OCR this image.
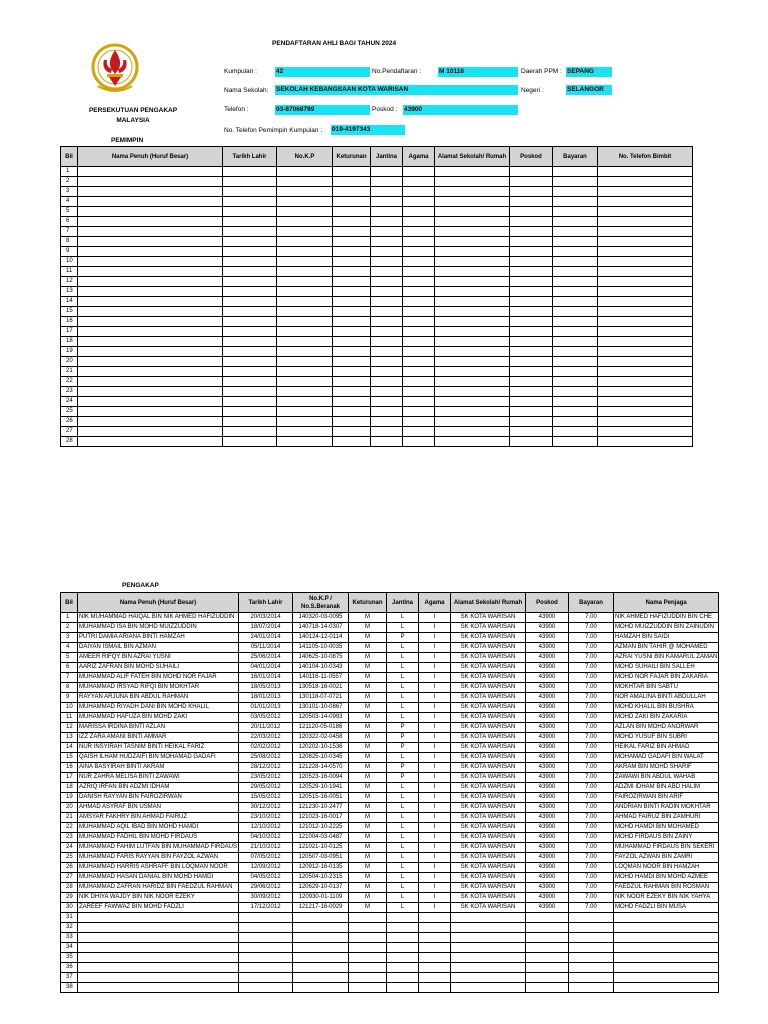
PENDAFTARAN AHLI BAGI TAHUN 2024
PERSEKUTUAN PENGAKAP
MALAYSIA
Kumpulan :	42	No.Pendaftaran :	M 10116	Daerah PPM : SEPANG
Nama Sekolah: SEKOLAH KEBANGSAAN KOTA WARISAN	Negeri :	SELANGOR
Telefon :	03-87068799	Poskod : 43900
No. Telefon Pemimpin Kumpulan : 019-4197343
PEMIMPIN
Bil	Nama Penuh (Huruf Besar)	Tarikh Lahir	No.K.P	Keturunan	Jantina	Agama	Alamat Sekolah/ Rumah	Poskod	Bayaran	No. Telefon Bimbit
1										
2										
3										
4										
5										
6										
7										
8										
9										
10										
11										
12										
13										
14										
15										
16										
17										
18										
19										
20										
21										
22										
23										
24										
25										
26										
27										
28										
PENGAKAP
Bil	Nama Penuh (Huruf Besar)	Tarikh Lahir	No.K.P /
No.S.Beranak	Keturunan	Jantina	Agama	Alamat Sekolah/ Rumah	Poskod	Bayaran	Nama Penjaga
1	NIK MUHAMMAD HAIQAL BIN NIK AHMED HAFIZUDDIN	20/03/2014	140320-03-0095	M	L	I	SK KOTA WARISAN	43900	7.00	NIK AHMED HAFIZUDDIN BIN CHE
2	MUHAMMAD ISA BIN MOHD MUIZZUDDIN	18/07/2014	140718-14-0307	M	L	I	SK KOTA WARISAN	43900	7.00	MOHD MUIZZUDDIN BIN ZAINUDIN
3	PUTRI DAMIA ARIANA BINTI HAMZAH	24/01/2014	140124-12-0114	M	P	I	SK KOTA WARISAN	43900	7.00	HAMZAH BIN SAIDI
4	DAIYAN ISMAIL BIN AZMAN	05/11/2014	141105-10-0035	M	L	I	SK KOTA WARISAN	43900	7.00	AZMAN BIN TAHIR @ MOHAMED
5	AMEER RIFQY BIN AZRAI YUSNI	25/06/2014	140625-10-0875	M	L	I	SK KOTA WARISAN	43900	7.00	AZRAI YUSNI BIN KAMARUL ZAMAN
6	AARIZ ZAFRAN BIN MOHD SUHAILI	04/01/2014	140104-10-0343	M	L	I	SK KOTA WARISAN	43900	7.00	MOHD SUHAILI BIN SALLEH
7	MUHAMMAD ALIF FATEH BIN MOHD NOR FAJAR	16/01/2014	140116-11-0557	M	L	I	SK KOTA WARISAN	43900	7.00	MOHD NOR FAJAR BIN ZAKARIA
8	MUHAMMAD IRSYAD RIFQI BIN MOKHTAR	18/05/2013	130518-16-0021	M	L	I	SK KOTA WARISAN	43900	7.00	MOKHTAR BIN SABTU
9	RAYYAN ARJUNA BIN ABDUL RAHMAN	18/01/2013	130118-07-0721	M	L	I	SK KOTA WARISAN	43900	7.00	NOR AMALINA BINTI ABDULLAH
10	MUHAMMAD RIYADH DANI BIN MOHD KHALIL	01/01/2013	130101-10-0867	M	L	I	SK KOTA WARISAN	43900	7.00	MOHD KHALIL BIN BUSHRA
11	MUHAMMAD HAFUZA BIN MOHD ZAKI	03/05/2012	120503-14-0993	M	L	I	SK KOTA WARISAN	43900	7.00	MOHD ZAKI BIN ZAKARIA
12	MARISSA IRDINA BINTI AZLAN	20/11/2012	121120-05-0186	M	P	I	SK KOTA WARISAN	43900	7.00	AZLAN BIN MOHD ANORWAR
13	IZZ ZARA AMANI BINTI AMMAR	22/03/2012	120322-02-0458	M	P	I	SK KOTA WARISAN	43900	7.00	MOHD YUSUF BIN SUBRI
14	NUR INSYIRAH TASNIM BINTI HEIKAL FARIZ	02/02/2012	120202-10-1536	M	P	I	SK KOTA WARISAN	43900	7.00	HEIKAL FARIZ BIN AHMAD
15	QAISH ILHAM HUDZAIFI BIN MOHAMAD GADAFI	25/08/2012	120825-10-0345	M	L	I	SK KOTA WARISAN	43900	7.00	MOHAMAD GADAFI BIN WALAT
16	AINA BASYIRAH BINTI AKRAM	28/12/2012	121228-14-0570	M	P	I	SK KOTA WARISAN	43900	7.00	AKRAM BIN MOHD SHARIF
17	NUR ZAHRA MELISA BINTI ZAWAWI	23/05/2012	120523-16-0094	M	P	I	SK KOTA WARISAN	43900	7.00	ZAWAWI BIN ABDUL WAHAB
18	AZRIQ IRFAN BIN ADZMI IDHAM	29/05/2012	120529-10-1941	M	L	I	SK KOTA WARISAN	43900	7.00	ADZMI IDHAM BIN ABD HALIM
19	DANISH RAYYAN BIN FAIROZIRWAN	15/05/2012	120515-16-0051	M	L	I	SK KOTA WARISAN	43900	7.00	FAIROZIRWAN BIN ARIF
20	AHMAD ASYRAF BIN USMAN	30/12/2012	121230-10-2477	M	L	I	SK KOTA WARISAN	43900	7.00	ANDRIAN BINTI RADIN MOKHTAR
21	AMSYAR FAKHRY BIN AHMAD FAIRUZ	23/10/2012	121023-16-0017	M	L	I	SK KOTA WARISAN	43900	7.00	AHMAD FAIRUZ BIN ZAMHURI
22	MUHAMMAD AQIL IBAD BIN MOHD HAMDI	12/10/2012	121012-10-2225	M	L	I	SK KOTA WARISAN	43900	7.00	MOHD HAMDI BIN MOHAMED
23	MUHAMMAD FADHIL BIN MOHD FIRDAUS	04/10/2012	121004-03-0487	M	L	I	SK KOTA WARISAN	43900	7.00	MOHD FIRDAUS BIN ZAINY
24	MUHAMMAD FAHIM LUTFAN BIN MUHAMMAD FIRDAUS	21/10/2012	121021-10-0125	M	L	I	SK KOTA WARISAN	43900	7.00	MUHAMMAD FIRDAUS BIN SEKERI
25	MUHAMMAD FARIS RAYYAN BIN FAYZOL AZWAN	07/05/2012	120507-03-0951	M	L	I	SK KOTA WARISAN	43900	7.00	FAYZOL AZWAN BIN ZAMRI
26	MUHAMMAD HARRIS ASHRAFF BIN LOQMAN NOOR	12/09/2012	120912-16-0135	M	L	I	SK KOTA WARISAN	43900	7.00	LOQMAN NOOR BIN HAMZAH
27	MUHAMMAD HASAN DANIAL BIN MOHD HAMDI	04/05/2012	120504-10-2315	M	L	I	SK KOTA WARISAN	43900	7.00	MOHD HAMDI BIN MOHD AZMEE
28	MUHAMMAD ZAFRAN HARIDZ BIN FAEDZUL RAHMAN	29/06/2012	120629-10-0137	M	L	I	SK KOTA WARISAN	43900	7.00	FAEDZUL RAHMAN BIN ROSMAN
29	NIK DHIYA WAJDY BIN NIK NOOR EZEKY	30/09/2012	120930-01-1109	M	L	I	SK KOTA WARISAN	43900	7.00	NIK NOOR EZEKY BIN NIK YAHYA
30	ZAREEF FAWWAZ BIN MOHD FADZLI	17/12/2012	121217-16-0029	M	L	I	SK KOTA WARISAN	43900	7.00	MOHD FADZLI BIN MUSA
31										
32										
33										
34										
35										
36										
37										
38										
